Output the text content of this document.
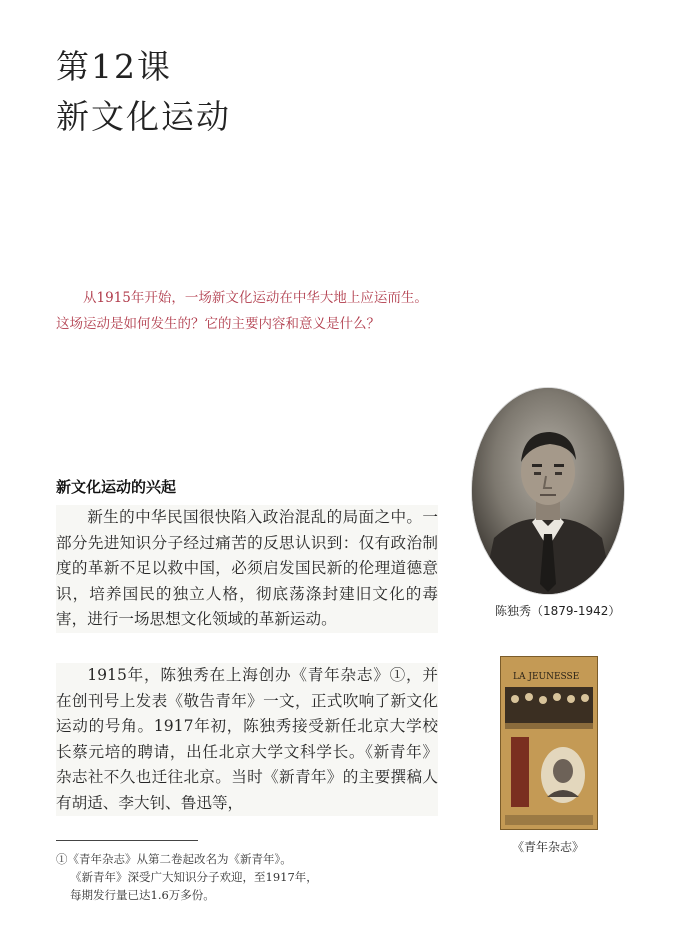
第12课
新文化运动
从1915年开始，一场新文化运动在中华大地上应运而生。这场运动是如何发生的？它的主要内容和意义是什么？
新文化运动的兴起
新生的中华民国很快陷入政治混乱的局面之中。一部分先进知识分子经过痛苦的反思认识到：仅有政治制度的革新不足以救中国，必须启发国民新的伦理道德意识，培养国民的独立人格，彻底荡涤封建旧文化的毒害，进行一场思想文化领域的革新运动。
1915年，陈独秀在上海创办《青年杂志》①，并在创刊号上发表《敬告青年》一文，正式吹响了新文化运动的号角。1917年初，陈独秀接受新任北京大学校长蔡元培的聘请，出任北京大学文科学长。《新青年》杂志社不久也迁往北京。当时《新青年》的主要撰稿人有胡适、李大钊、鲁迅等，
①《青年杂志》从第二卷起改名为《新青年》。
《新青年》深受广大知识分子欢迎，至1917年，
每期发行量已达1.6万多份。
陈独秀（1879-1942）
LA JEUNESSE
《青年杂志》
